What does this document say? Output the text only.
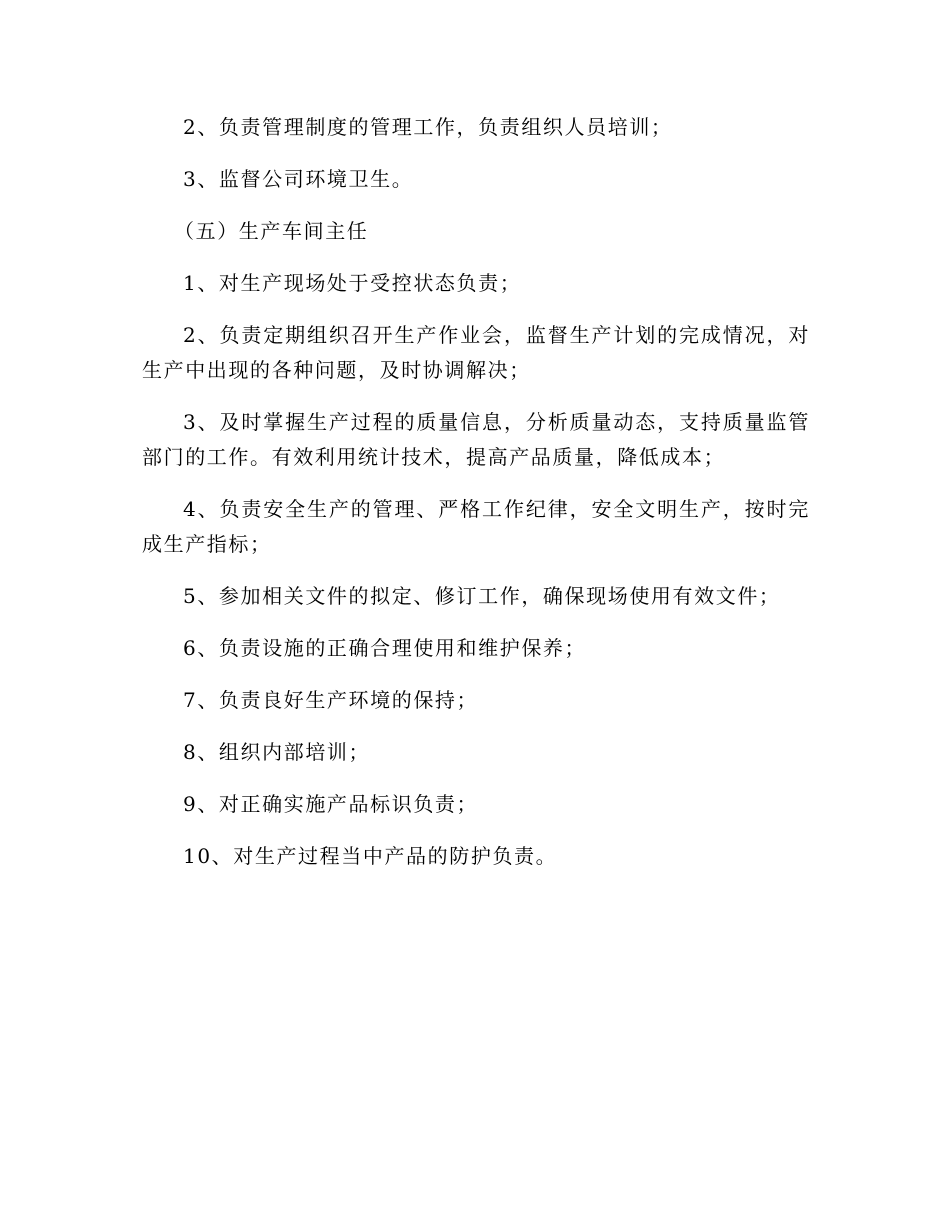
2、负责管理制度的管理工作，负责组织人员培训；

3、监督公司环境卫生。

（五）生产车间主任

1、对生产现场处于受控状态负责；

2、负责定期组织召开生产作业会，监督生产计划的完成情况，对生产中出现的各种问题，及时协调解决；

3、及时掌握生产过程的质量信息，分析质量动态，支持质量监管部门的工作。有效利用统计技术，提高产品质量，降低成本；

4、负责安全生产的管理、严格工作纪律，安全文明生产，按时完成生产指标；

5、参加相关文件的拟定、修订工作，确保现场使用有效文件；

6、负责设施的正确合理使用和维护保养；

7、负责良好生产环境的保持；

8、组织内部培训；

9、对正确实施产品标识负责；

10、对生产过程当中产品的防护负责。
